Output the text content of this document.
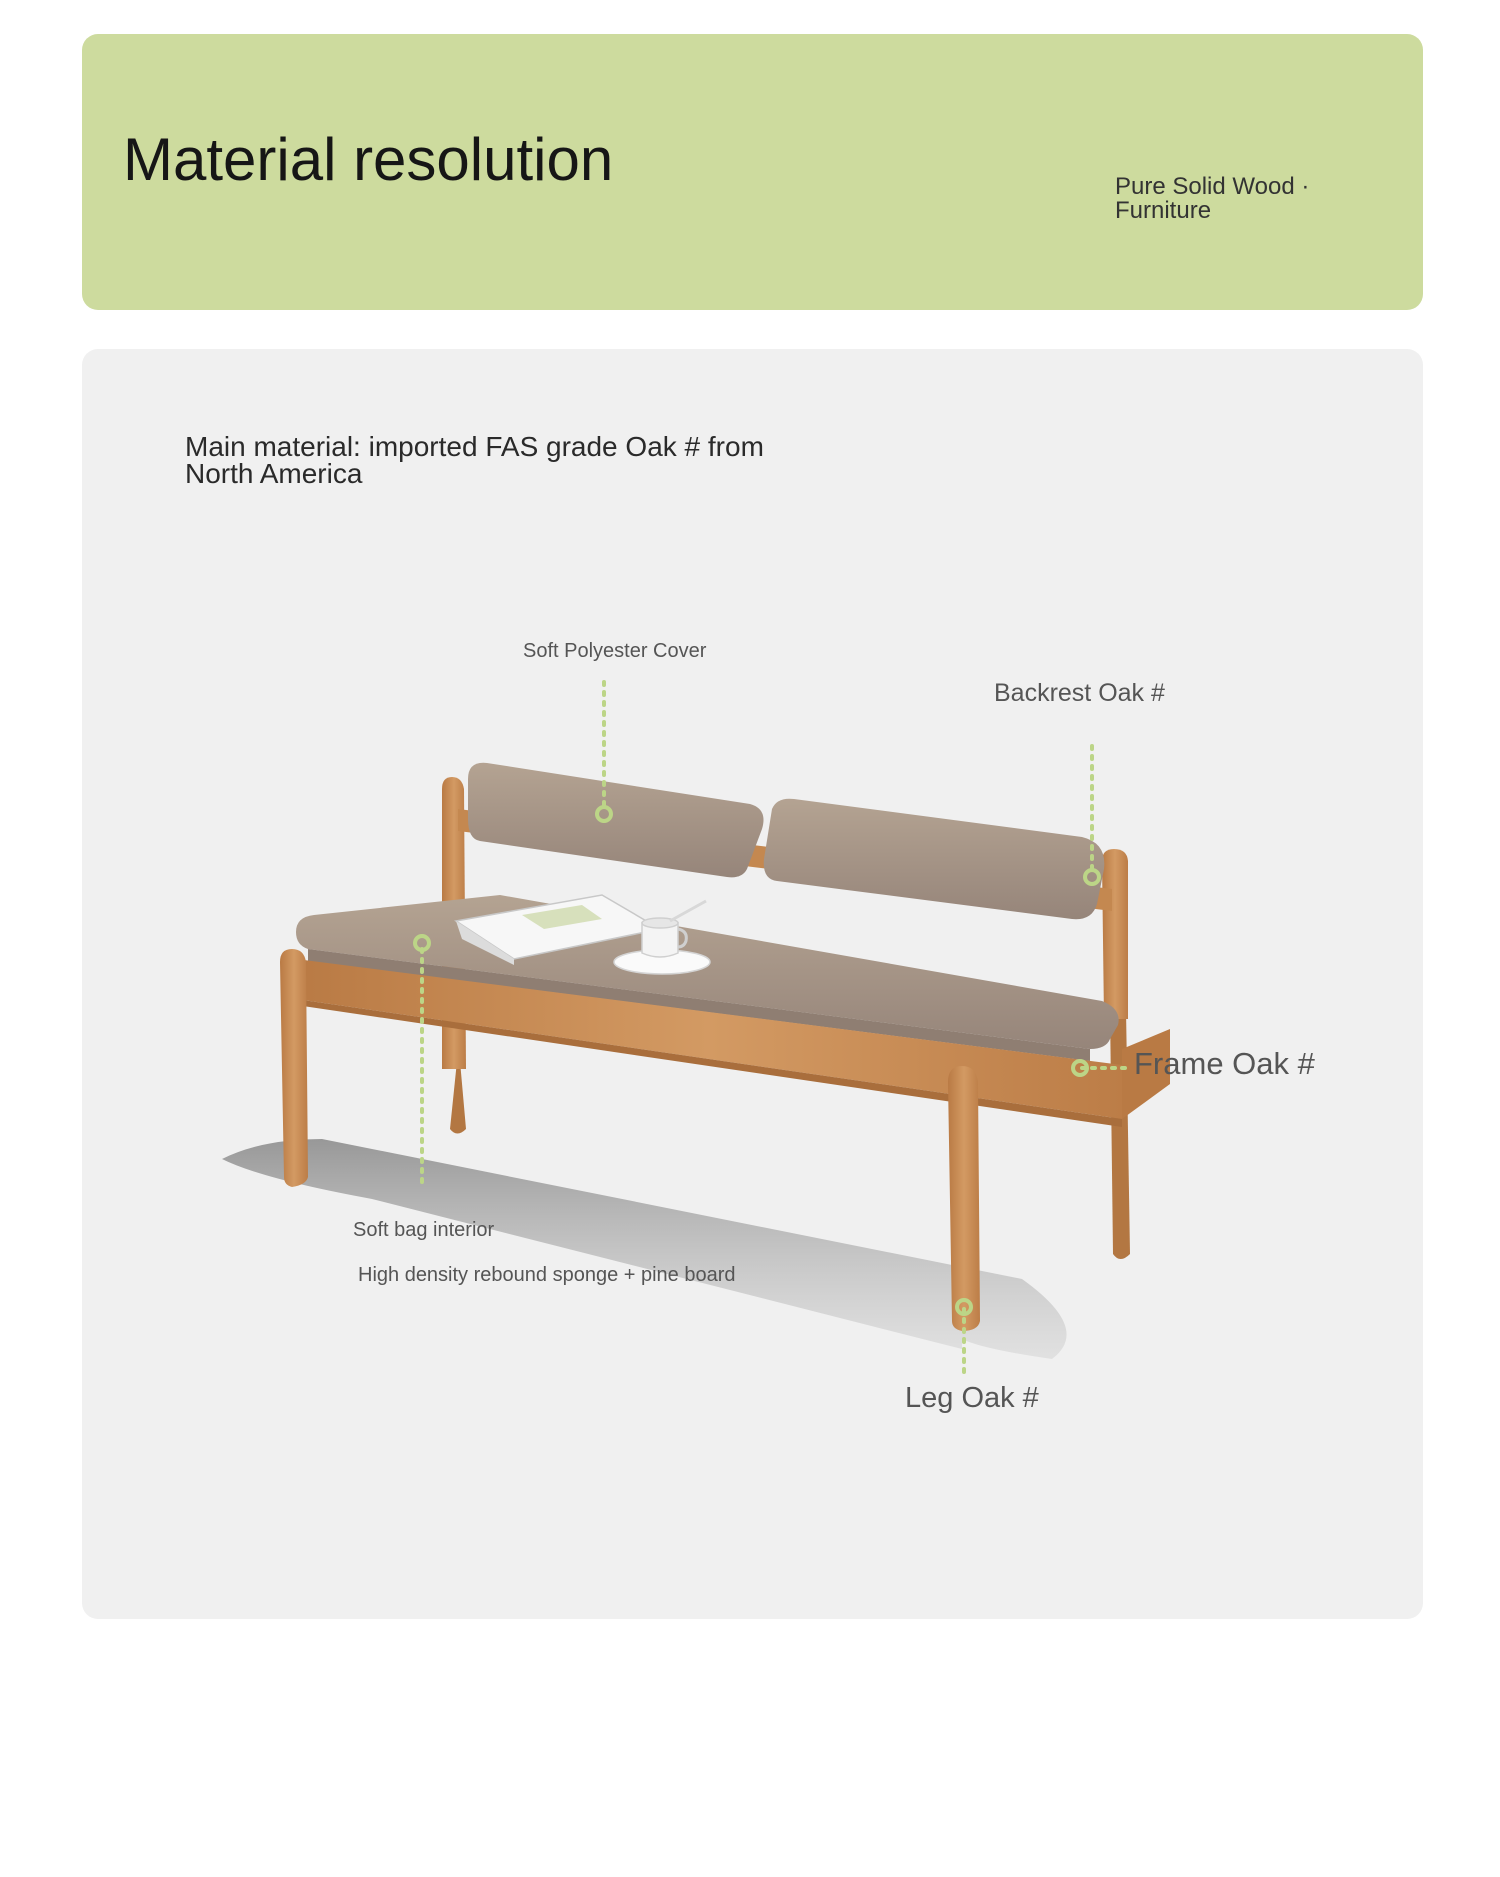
Material resolution	Pure Solid Wood · Furniture

Main material: imported FAS grade Oak # from North America

Soft Polyester Cover

Backrest Oak #

Frame Oak #

Soft bag interior

High density rebound sponge + pine board

Leg Oak #
